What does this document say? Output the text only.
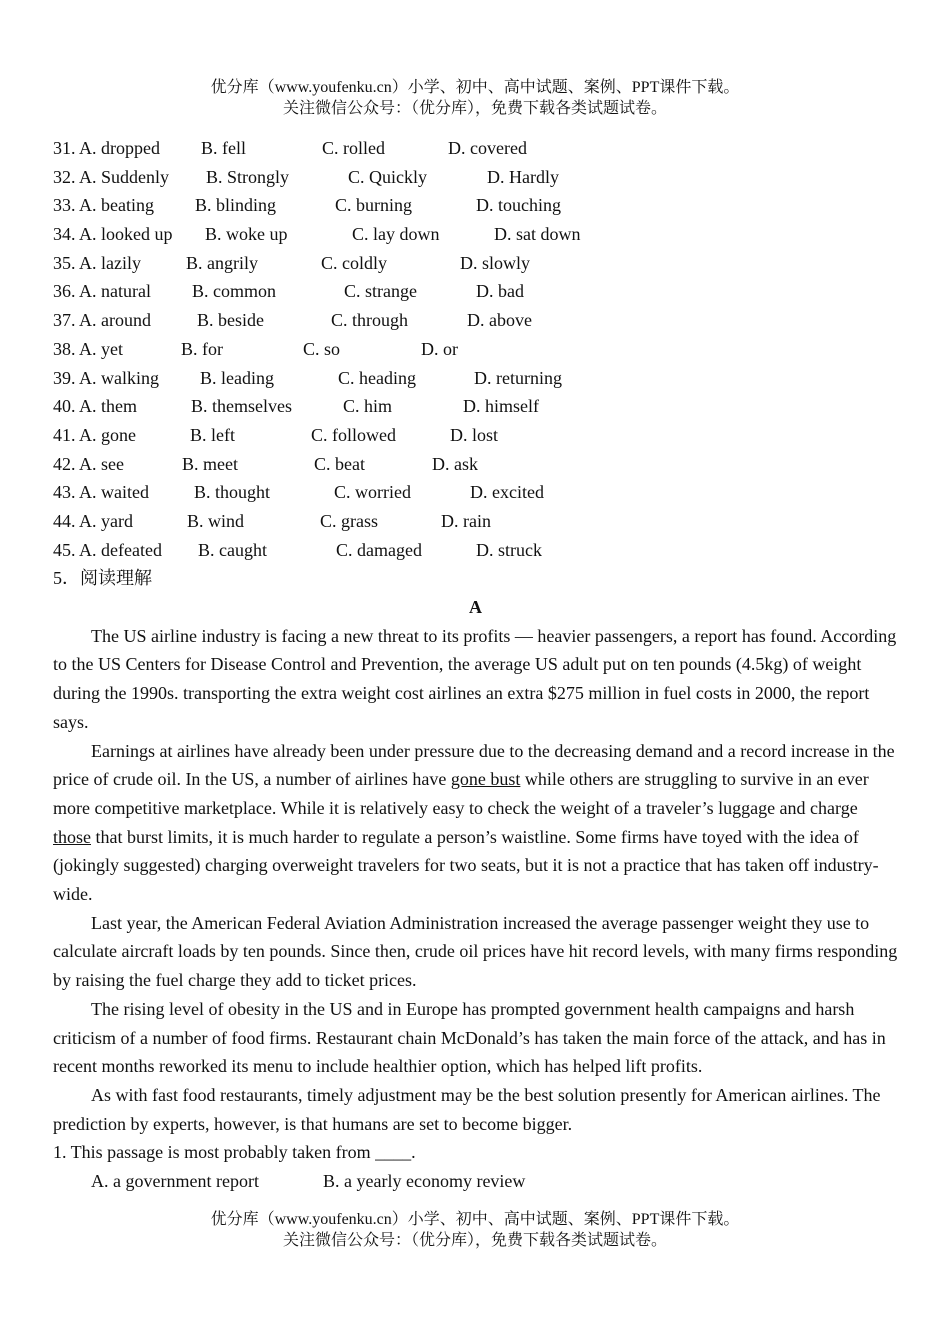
优分库（www.youfenku.cn）小学、初中、高中试题、案例、PPT课件下载。
关注微信公众号：（优分库），免费下载各类试题试卷。
31. A. dropped B. fell	C. rolled	D. covered
32. A. Suddenly B. Strongly	C. Quickly	D. Hardly
33. A. beating B. blinding	C. burning	D. touching
34. A. looked up B. woke up	C. lay down	D. sat down
35. A. lazily	B. angrily	C. coldly	D. slowly
36. A. natural B. common	C. strange	D. bad
37. A. around	B. beside	C. through	D. above
38. A. yet	B. for	C. so	D. or
39. A. walking B. leading	C. heading	D. returning
40. A. them	B. themselves	C. him	D. himself
41. A. gone	B. left	C. followed	D. lost
42. A. see	B. meet	C. beat	D. ask
43. A. waited	B. thought	C. worried	D. excited
44. A. yard	B. wind	C. grass	D. rain
45. A. defeated B. caught	C. damaged	D. struck
5．阅读理解
A

The US airline industry is facing a new threat to its profits — heavier passengers, a report has found. According to the US Centers for Disease Control and Prevention, the average US adult put on ten pounds (4.5kg) of weight during the 1990s. transporting the extra weight cost airlines an extra $275 million in fuel costs in 2000, the report says.

Earnings at airlines have already been under pressure due to the decreasing demand and a record increase in the price of crude oil. In the US, a number of airlines have gone bust while others are struggling to survive in an ever more competitive marketplace. While it is relatively easy to check the weight of a traveler’s luggage and charge those that burst limits, it is much harder to regulate a person’s waistline. Some firms have toyed with the idea of (jokingly suggested) charging overweight travelers for two seats, but it is not a practice that has taken off industry-wide.

Last year, the American Federal Aviation Administration increased the average passenger weight they use to calculate aircraft loads by ten pounds. Since then, crude oil prices have hit record levels, with many firms responding by raising the fuel charge they add to ticket prices.

The rising level of obesity in the US and in Europe has prompted government health campaigns and harsh criticism of a number of food firms. Restaurant chain McDonald’s has taken the main force of the attack, and has in recent months reworked its menu to include healthier option, which has helped lift profits.

As with fast food restaurants, timely adjustment may be the best solution presently for American airlines. The prediction by experts, however, is that humans are set to become bigger.

1. This passage is most probably taken from ____.
A. a government report	B. a yearly economy review
优分库（www.youfenku.cn）小学、初中、高中试题、案例、PPT课件下载。
关注微信公众号：（优分库），免费下载各类试题试卷。
